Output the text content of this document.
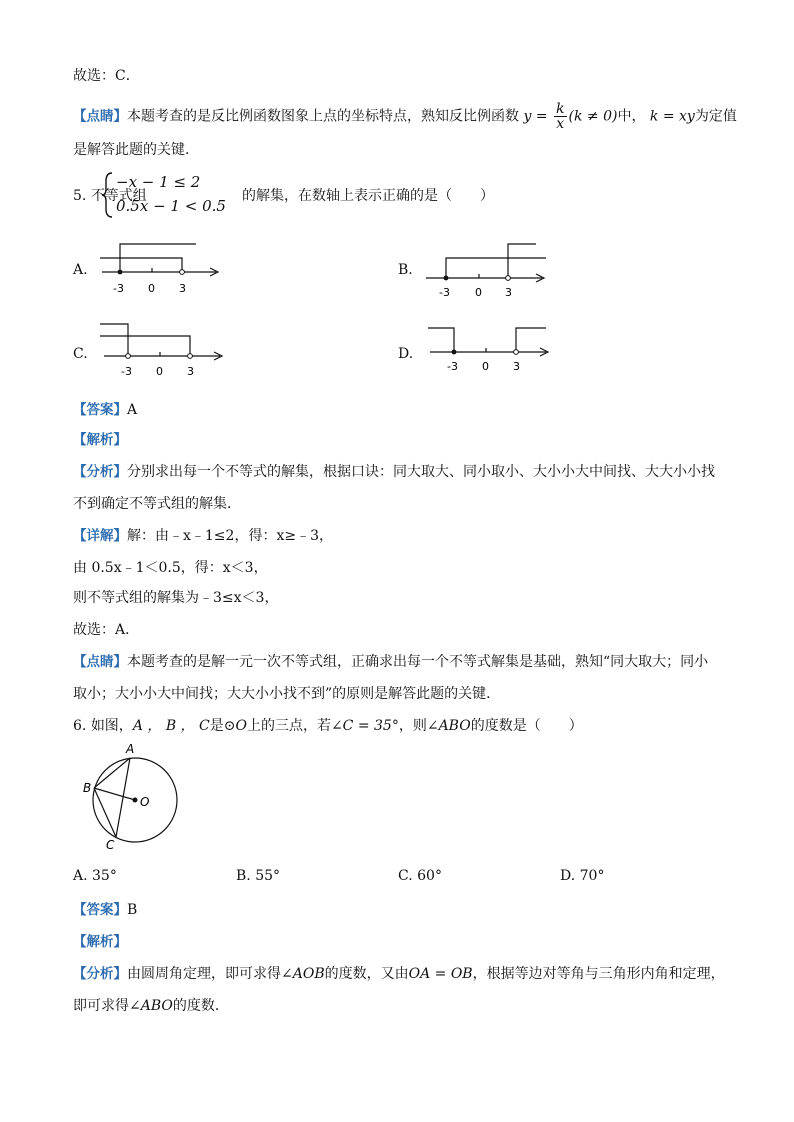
故选：C．
【点睛】本题考查的是反比例函数图象上点的坐标特点，熟知反比例函数 $y = \frac{k}{x} (k \ne 0)$中， k = xy为定值
是解答此题的关键．
5. 不等式组
−x − 1 ≤ 2
0.5x − 1 < 0.5
的解集，在数轴上表示正确的是（　　）
A.	B.
C.	D.
-3 0 3	-3 0 3
-3 0 3	-3 0 3
【答案】A
【解析】
【分析】分别求出每一个不等式的解集，根据口诀：同大取大、同小取小、大小小大中间找、大大小小找
不到确定不等式组的解集．
【详解】解：由﹣x﹣1≤2，得：x≥﹣3，
由 0.5x﹣1＜0.5，得：x＜3，
则不等式组的解集为﹣3≤x＜3，
故选：A．
【点睛】本题考查的是解一元一次不等式组，正确求出每一个不等式解集是基础，熟知“同大取大；同小
取小；大小小大中间找；大大小小找不到”的原则是解答此题的关键．
6. 如图，A ， B ， C是⊙O上的三点，若∠C = 35°，则∠ABO的度数是（　　）
A
B
C
O
A. 35°	B. 55°	C. 60°	D. 70°
【答案】B
【解析】
【分析】由圆周角定理，即可求得∠AOB的度数，又由OA = OB，根据等边对等角与三角形内角和定理，
即可求得∠ABO的度数．
